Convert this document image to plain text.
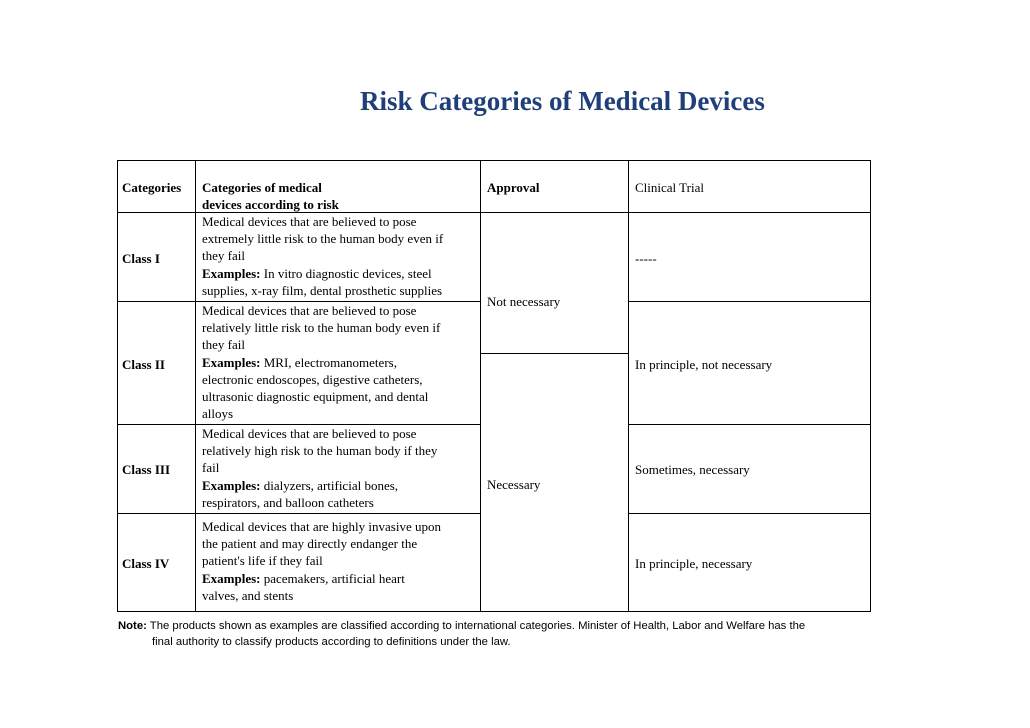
Risk Categories of Medical Devices
Categories Categories of medical
devices according to risk
Approval	Clinical Trial
Class I
Medical devices that are believed to pose
extremely little risk to the human body even if
they fail
Examples: In vitro diagnostic devices, steel
supplies, x-ray film, dental prosthetic supplies
-----
Not necessary
Class II
Medical devices that are believed to pose
relatively little risk to the human body even if
they fail
Examples: MRI, electromanometers,
electronic endoscopes, digestive catheters,
ultrasonic diagnostic equipment, and dental
alloys
In principle, not necessary
Necessary
Class III
Medical devices that are believed to pose
relatively high risk to the human body if they
fail
Examples: dialyzers, artificial bones,
respirators, and balloon catheters
Sometimes, necessary
Class IV
Medical devices that are highly invasive upon
the patient and may directly endanger the
patient's life if they fail
Examples: pacemakers, artificial heart
valves, and stents
In principle, necessary
Note: The products shown as examples are classified according to international categories. Minister of Health, Labor and Welfare has the
final authority to classify products according to definitions under the law.
